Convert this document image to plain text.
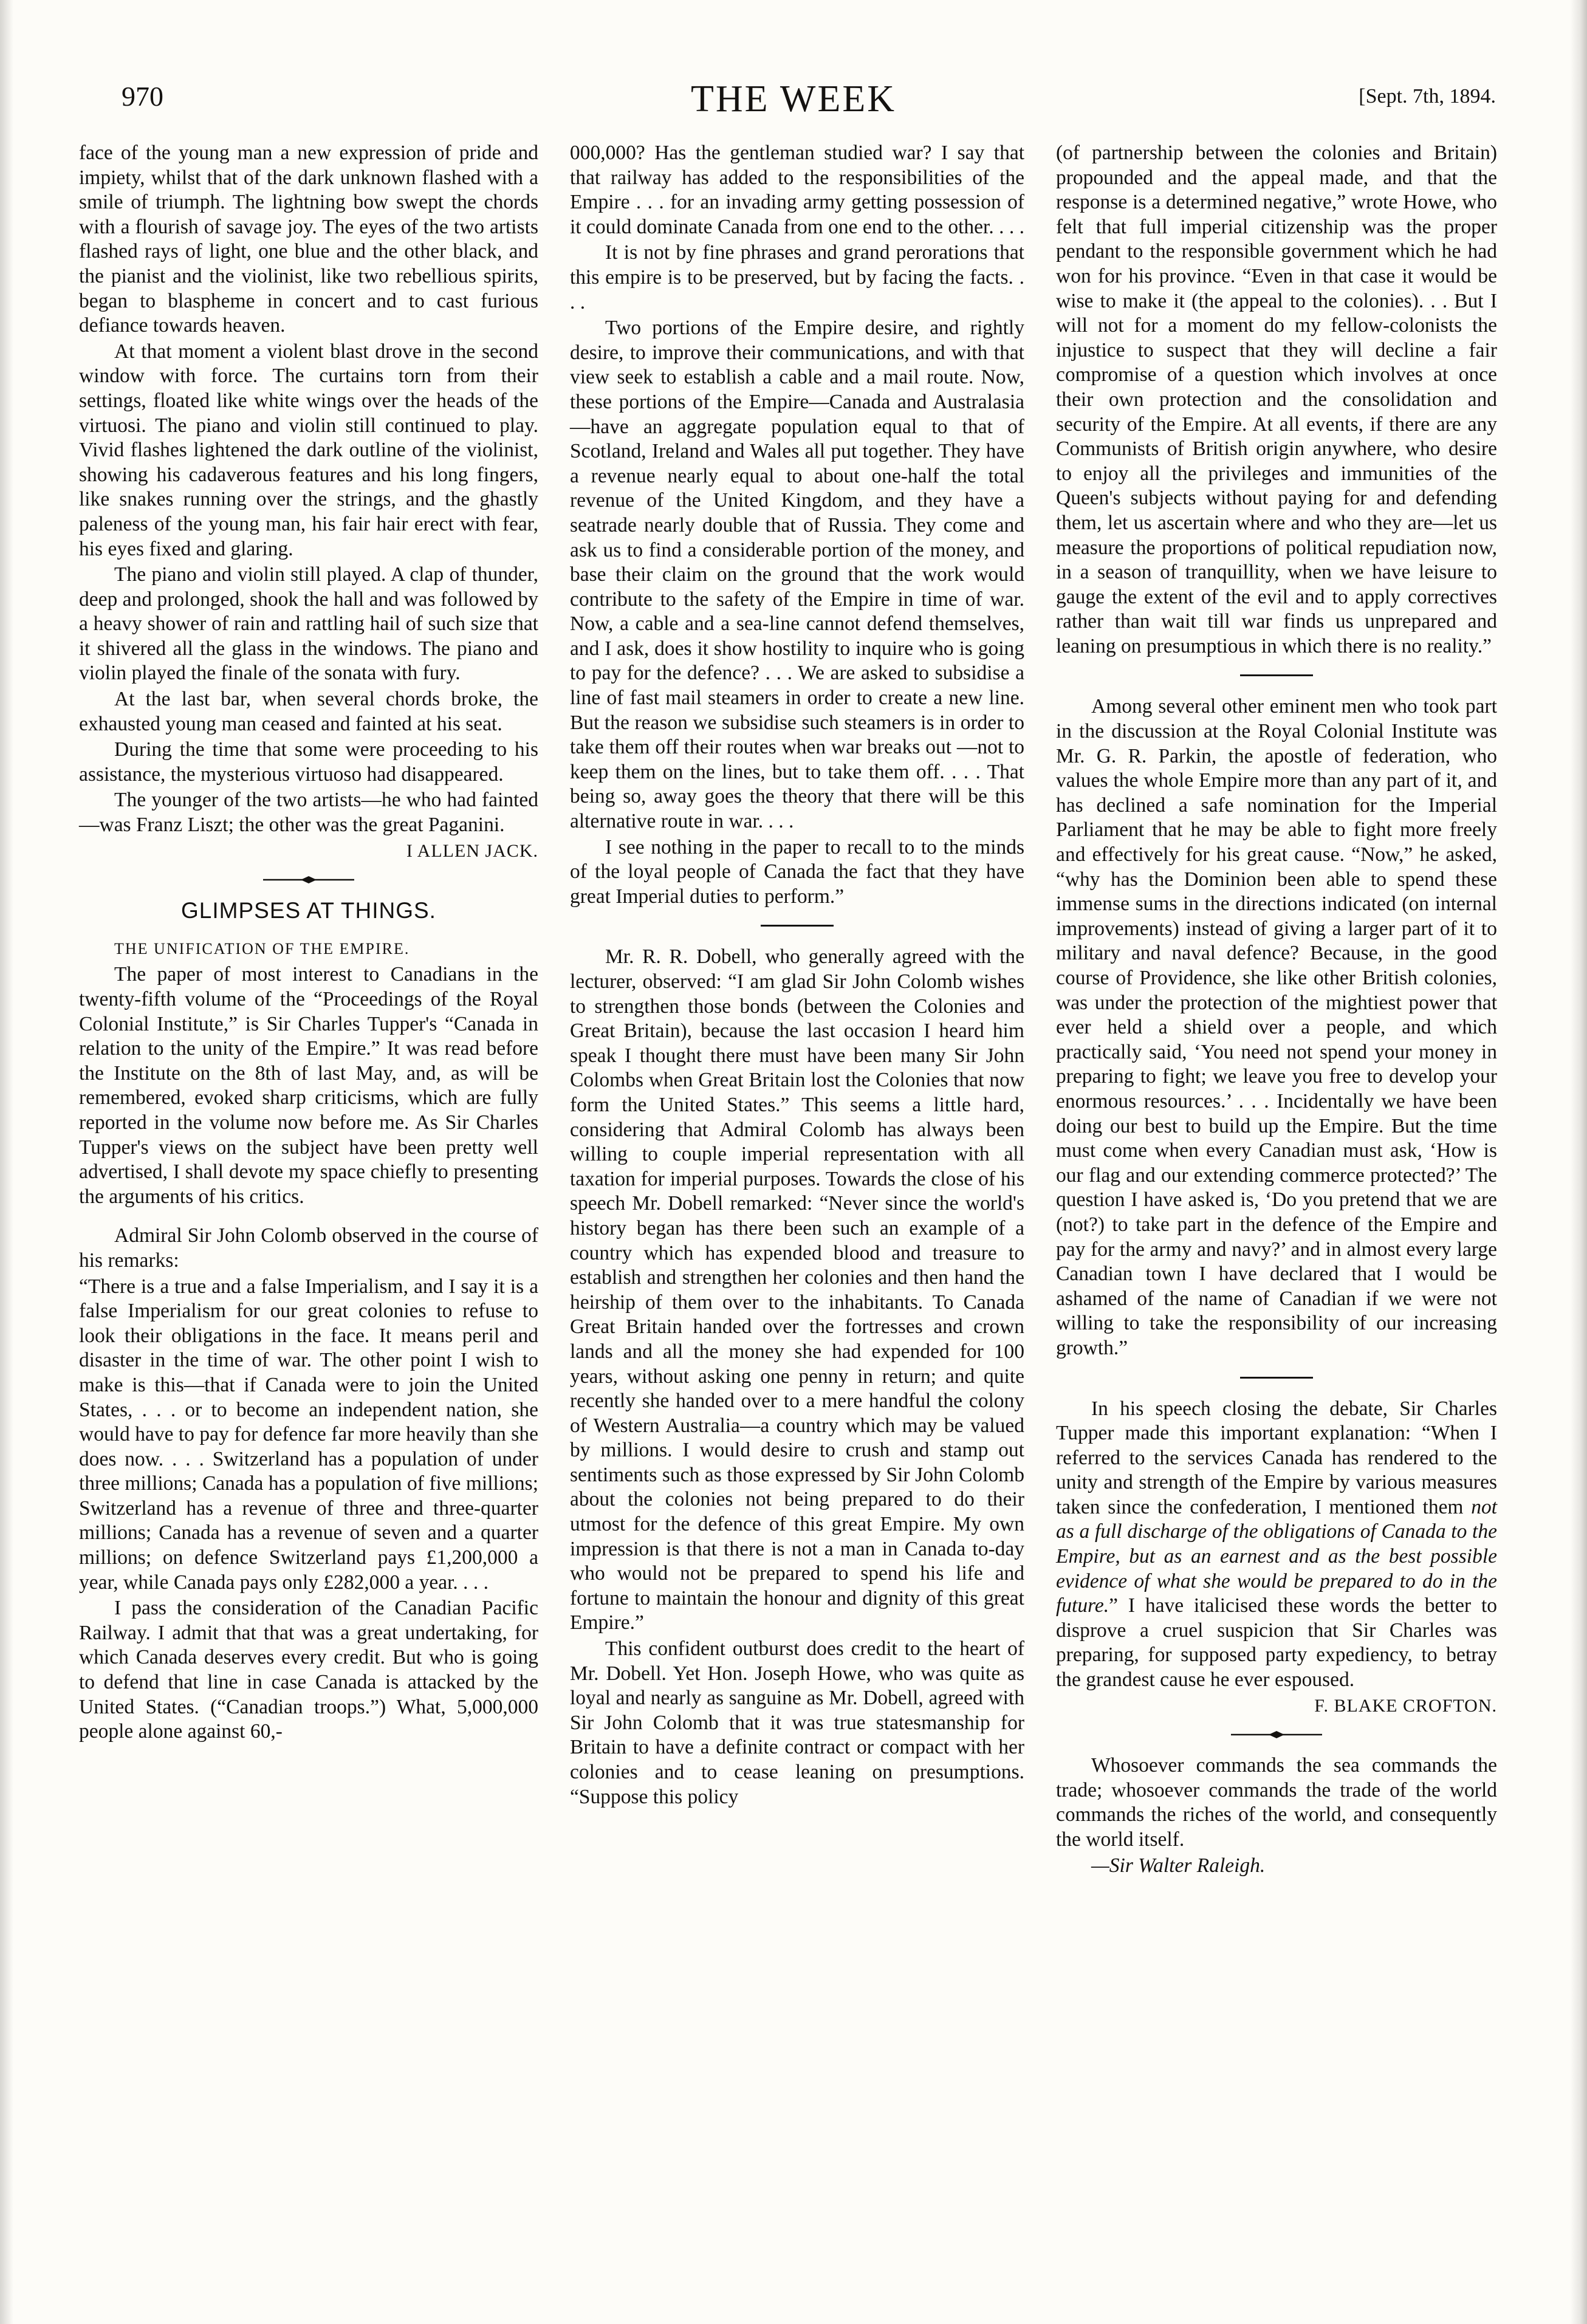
970	THE WEEK	[Sept. 7th, 1894.

face of the young man a new expression of pride and impiety, whilst that of the dark unknown flashed with a smile of triumph. The lightning bow swept the chords with a flourish of savage joy. The eyes of the two artists flashed rays of light, one blue and the other black, and the pianist and the violinist, like two rebellious spirits, began to blaspheme in concert and to cast furious defiance towards heaven.

At that moment a violent blast drove in the second window with force. The curtains torn from their settings, floated like white wings over the heads of the virtuosi. The piano and violin still continued to play. Vivid flashes lightened the dark outline of the violinist, showing his cadaverous features and his long fingers, like snakes running over the strings, and the ghastly paleness of the young man, his fair hair erect with fear, his eyes fixed and glaring.

The piano and violin still played. A clap of thunder, deep and prolonged, shook the hall and was followed by a heavy shower of rain and rattling hail of such size that it shivered all the glass in the windows. The piano and violin played the finale of the sonata with fury.

At the last bar, when several chords broke, the exhausted young man ceased and fainted at his seat.

During the time that some were proceeding to his assistance, the mysterious virtuoso had disappeared.

The younger of the two artists—he who had fainted—was Franz Liszt; the other was the great Paganini.

I ALLEN JACK.

GLIMPSES AT THINGS.

THE UNIFICATION OF THE EMPIRE.

The paper of most interest to Canadians in the twenty-fifth volume of the “Proceedings of the Royal Colonial Institute,” is Sir Charles Tupper's “Canada in relation to the unity of the Empire.” It was read before the Institute on the 8th of last May, and, as will be remembered, evoked sharp criticisms, which are fully reported in the volume now before me. As Sir Charles Tupper's views on the subject have been pretty well advertised, I shall devote my space chiefly to presenting the arguments of his critics.

Admiral Sir John Colomb observed in the course of his remarks:

“There is a true and a false Imperialism, and I say it is a false Imperialism for our great colonies to refuse to look their obligations in the face. It means peril and disaster in the time of war. The other point I wish to make is this—that if Canada were to join the United States, . . . or to become an independent nation, she would have to pay for defence far more heavily than she does now. . . . Switzerland has a population of under three millions; Canada has a population of five millions; Switzerland has a revenue of three and three-quarter millions; Canada has a revenue of seven and a quarter millions; on defence Switzerland pays £1,200,000 a year, while Canada pays only £282,000 a year. . . .

I pass the consideration of the Canadian Pacific Railway. I admit that that was a great undertaking, for which Canada deserves every credit. But who is going to defend that line in case Canada is attacked by the United States. (“Canadian troops.”) What, 5,000,000 people alone against 60,-

000,000? Has the gentleman studied war? I say that that railway has added to the responsibilities of the Empire . . . for an invading army getting possession of it could dominate Canada from one end to the other. . . .

It is not by fine phrases and grand perorations that this empire is to be preserved, but by facing the facts. . . .

Two portions of the Empire desire, and rightly desire, to improve their communications, and with that view seek to establish a cable and a mail route. Now, these portions of the Empire—Canada and Australasia—have an aggregate population equal to that of Scotland, Ireland and Wales all put together. They have a revenue nearly equal to about one-half the total revenue of the United Kingdom, and they have a seatrade nearly double that of Russia. They come and ask us to find a considerable portion of the money, and base their claim on the ground that the work would contribute to the safety of the Empire in time of war. Now, a cable and a sea-line cannot defend themselves, and I ask, does it show hostility to inquire who is going to pay for the defence? . . . We are asked to subsidise a line of fast mail steamers in order to create a new line. But the reason we subsidise such steamers is in order to take them off their routes when war breaks out —not to keep them on the lines, but to take them off. . . . That being so, away goes the theory that there will be this alternative route in war. . . .

I see nothing in the paper to recall to to the minds of the loyal people of Canada the fact that they have great Imperial duties to perform.”

Mr. R. R. Dobell, who generally agreed with the lecturer, observed: “I am glad Sir John Colomb wishes to strengthen those bonds (between the Colonies and Great Britain), because the last occasion I heard him speak I thought there must have been many Sir John Colombs when Great Britain lost the Colonies that now form the United States.” This seems a little hard, considering that Admiral Colomb has always been willing to couple imperial representation with all taxation for imperial purposes. Towards the close of his speech Mr. Dobell remarked: “Never since the world's history began has there been such an example of a country which has expended blood and treasure to establish and strengthen her colonies and then hand the heirship of them over to the inhabitants. To Canada Great Britain handed over the fortresses and crown lands and all the money she had expended for 100 years, without asking one penny in return; and quite recently she handed over to a mere handful the colony of Western Australia—a country which may be valued by millions. I would desire to crush and stamp out sentiments such as those expressed by Sir John Colomb about the colonies not being prepared to do their utmost for the defence of this great Empire. My own impression is that there is not a man in Canada to-day who would not be prepared to spend his life and fortune to maintain the honour and dignity of this great Empire.”

This confident outburst does credit to the heart of Mr. Dobell. Yet Hon. Joseph Howe, who was quite as loyal and nearly as sanguine as Mr. Dobell, agreed with Sir John Colomb that it was true statesmanship for Britain to have a definite contract or compact with her colonies and to cease leaning on presumptions. “Suppose this policy

(of partnership between the colonies and Britain) propounded and the appeal made, and that the response is a determined negative,” wrote Howe, who felt that full imperial citizenship was the proper pendant to the responsible government which he had won for his province. “Even in that case it would be wise to make it (the appeal to the colonies). . . But I will not for a moment do my fellow-colonists the injustice to suspect that they will decline a fair compromise of a question which involves at once their own protection and the consolidation and security of the Empire. At all events, if there are any Communists of British origin anywhere, who desire to enjoy all the privileges and immunities of the Queen's subjects without paying for and defending them, let us ascertain where and who they are—let us measure the proportions of political repudiation now, in a season of tranquillity, when we have leisure to gauge the extent of the evil and to apply correctives rather than wait till war finds us unprepared and leaning on presumptious in which there is no reality.”

Among several other eminent men who took part in the discussion at the Royal Colonial Institute was Mr. G. R. Parkin, the apostle of federation, who values the whole Empire more than any part of it, and has declined a safe nomination for the Imperial Parliament that he may be able to fight more freely and effectively for his great cause. “Now,” he asked, “why has the Dominion been able to spend these immense sums in the directions indicated (on internal improvements) instead of giving a larger part of it to military and naval defence? Because, in the good course of Providence, she like other British colonies, was under the protection of the mightiest power that ever held a shield over a people, and which practically said, ‘You need not spend your money in preparing to fight; we leave you free to develop your enormous resources.’ . . . Incidentally we have been doing our best to build up the Empire. But the time must come when every Canadian must ask, ‘How is our flag and our extending commerce protected?’ The question I have asked is, ‘Do you pretend that we are (not?) to take part in the defence of the Empire and pay for the army and navy?’ and in almost every large Canadian town I have declared that I would be ashamed of the name of Canadian if we were not willing to take the responsibility of our increasing growth.”

In his speech closing the debate, Sir Charles Tupper made this important explanation: “When I referred to the services Canada has rendered to the unity and strength of the Empire by various measures taken since the confederation, I mentioned them not as a full discharge of the obligations of Canada to the Empire, but as an earnest and as the best possible evidence of what she would be prepared to do in the future.” I have italicised these words the better to disprove a cruel suspicion that Sir Charles was preparing, for supposed party expediency, to betray the grandest cause he ever espoused.

F. BLAKE CROFTON.

Whosoever commands the sea commands the trade; whosoever commands the trade of the world commands the riches of the world, and consequently the world itself.

—Sir Walter Raleigh.
